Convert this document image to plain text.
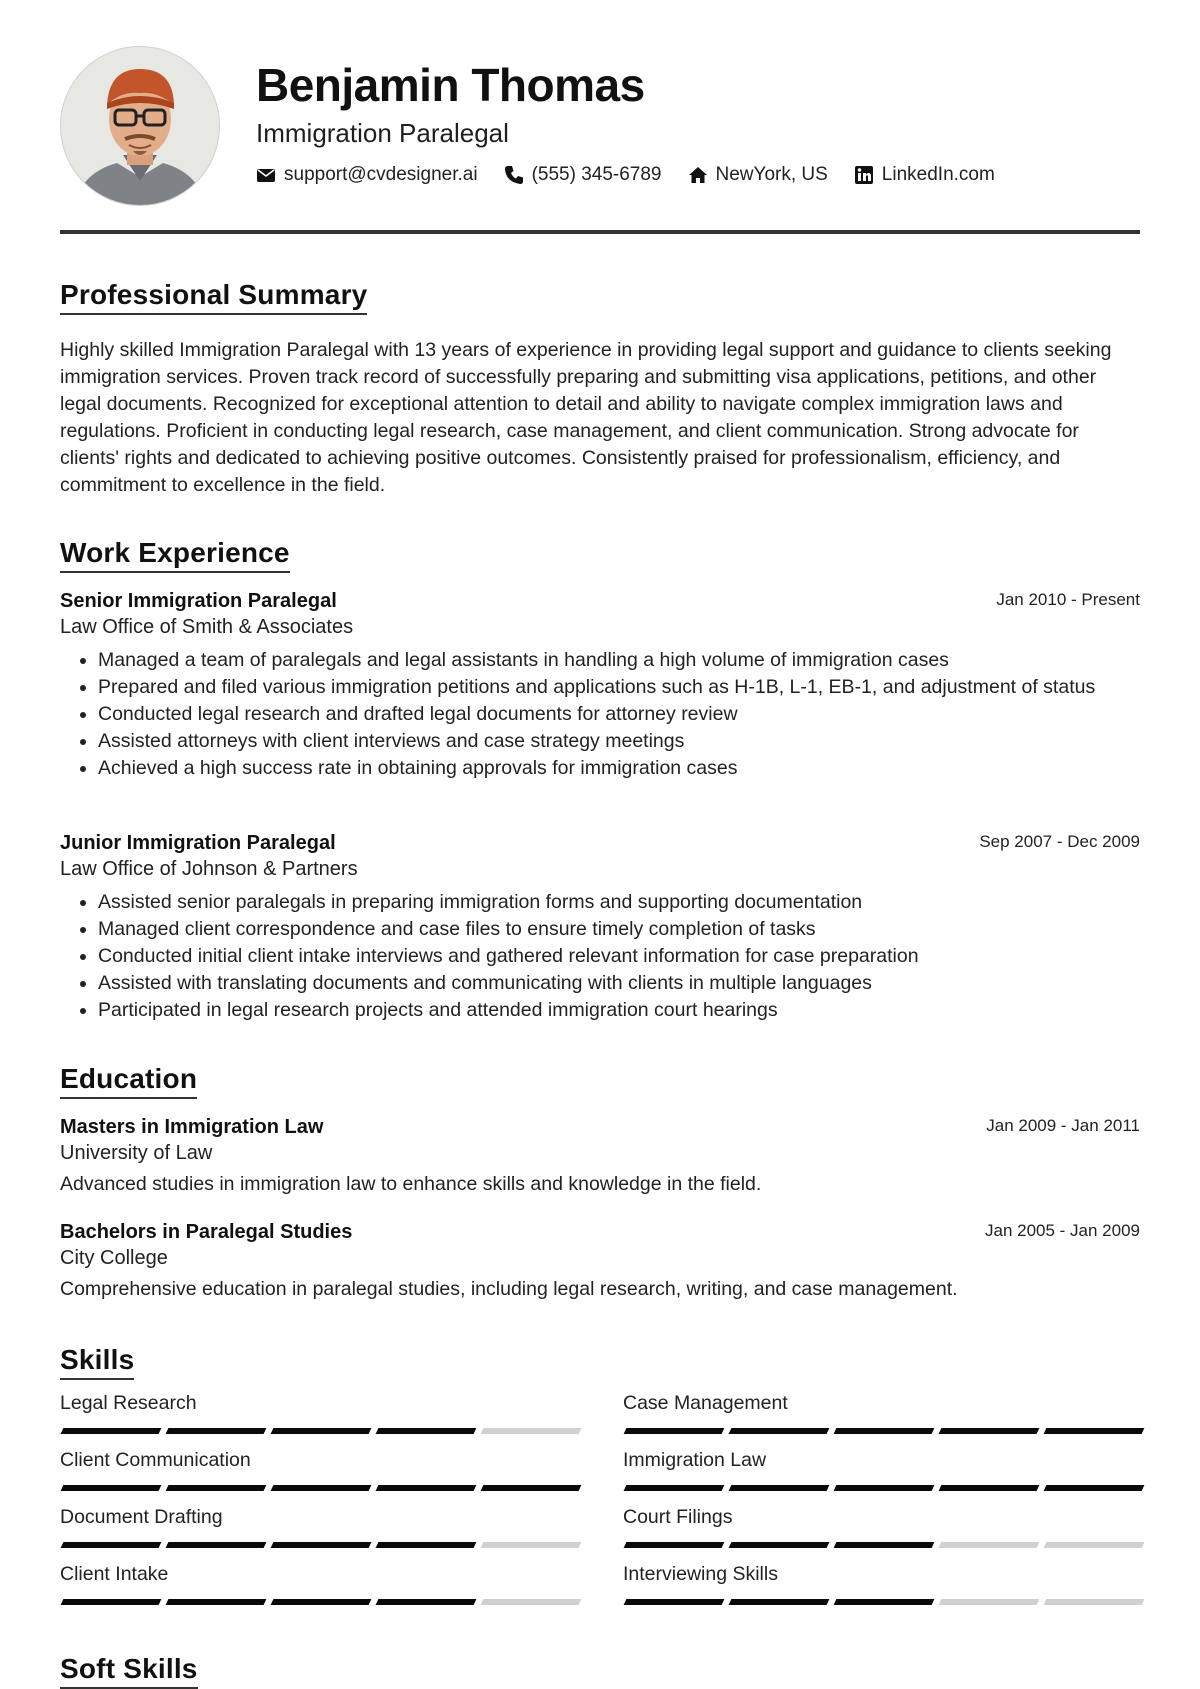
Benjamin Thomas
Immigration Paralegal
support@cvdesigner.ai	(555) 345-6789	NewYork, US	LinkedIn.com
Professional Summary

Highly skilled Immigration Paralegal with 13 years of experience in providing legal support and guidance to clients seeking immigration services. Proven track record of successfully preparing and submitting visa applications, petitions, and other legal documents. Recognized for exceptional attention to detail and ability to navigate complex immigration laws and regulations. Proficient in conducting legal research, case management, and client communication. Strong advocate for clients' rights and dedicated to achieving positive outcomes. Consistently praised for professionalism, efficiency, and commitment to excellence in the field.

Work Experience
Senior Immigration Paralegal	Jan 2010 - Present
Law Office of Smith & Associates
• Managed a team of paralegals and legal assistants in handling a high volume of immigration cases
• Prepared and filed various immigration petitions and applications such as H-1B, L-1, EB-1, and adjustment of status
• Conducted legal research and drafted legal documents for attorney review
• Assisted attorneys with client interviews and case strategy meetings
• Achieved a high success rate in obtaining approvals for immigration cases
Junior Immigration Paralegal	Sep 2007 - Dec 2009
Law Office of Johnson & Partners
• Assisted senior paralegals in preparing immigration forms and supporting documentation
• Managed client correspondence and case files to ensure timely completion of tasks
• Conducted initial client intake interviews and gathered relevant information for case preparation
• Assisted with translating documents and communicating with clients in multiple languages
• Participated in legal research projects and attended immigration court hearings
Education
Masters in Immigration Law	Jan 2009 - Jan 2011
University of Law
Advanced studies in immigration law to enhance skills and knowledge in the field.
Bachelors in Paralegal Studies	Jan 2005 - Jan 2009
City College
Comprehensive education in paralegal studies, including legal research, writing, and case management.
Skills
Legal Research	Case Management
Client Communication	Immigration Law
Document Drafting	Court Filings
Client Intake	Interviewing Skills
Soft Skills
